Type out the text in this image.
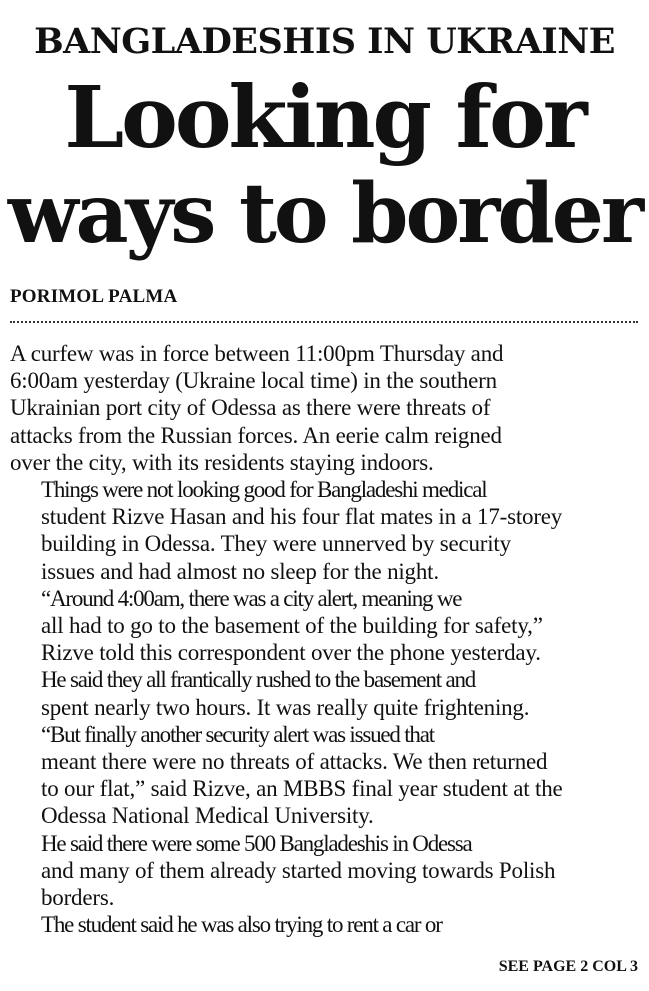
BANGLADESHIS IN UKRAINE
Looking for
ways to border
PORIMOL PALMA

A curfew was in force between 11:00pm Thursday and
6:00am yesterday (Ukraine local time) in the southern
Ukrainian port city of Odessa as there were threats of
attacks from the Russian forces. An eerie calm reigned
over the city, with its residents staying indoors.

Things were not looking good for Bangladeshi medical
student Rizve Hasan and his four flat mates in a 17-storey
building in Odessa. They were unnerved by security
issues and had almost no sleep for the night.

“Around 4:00am, there was a city alert, meaning we
all had to go to the basement of the building for safety,”
Rizve told this correspondent over the phone yesterday.

He said they all frantically rushed to the basement and
spent nearly two hours. It was really quite frightening.

“But finally another security alert was issued that
meant there were no threats of attacks. We then returned
to our flat,” said Rizve, an MBBS final year student at the
Odessa National Medical University.

He said there were some 500 Bangladeshis in Odessa
and many of them already started moving towards Polish
borders.

The student said he was also trying to rent a car or

SEE PAGE 2 COL 3
